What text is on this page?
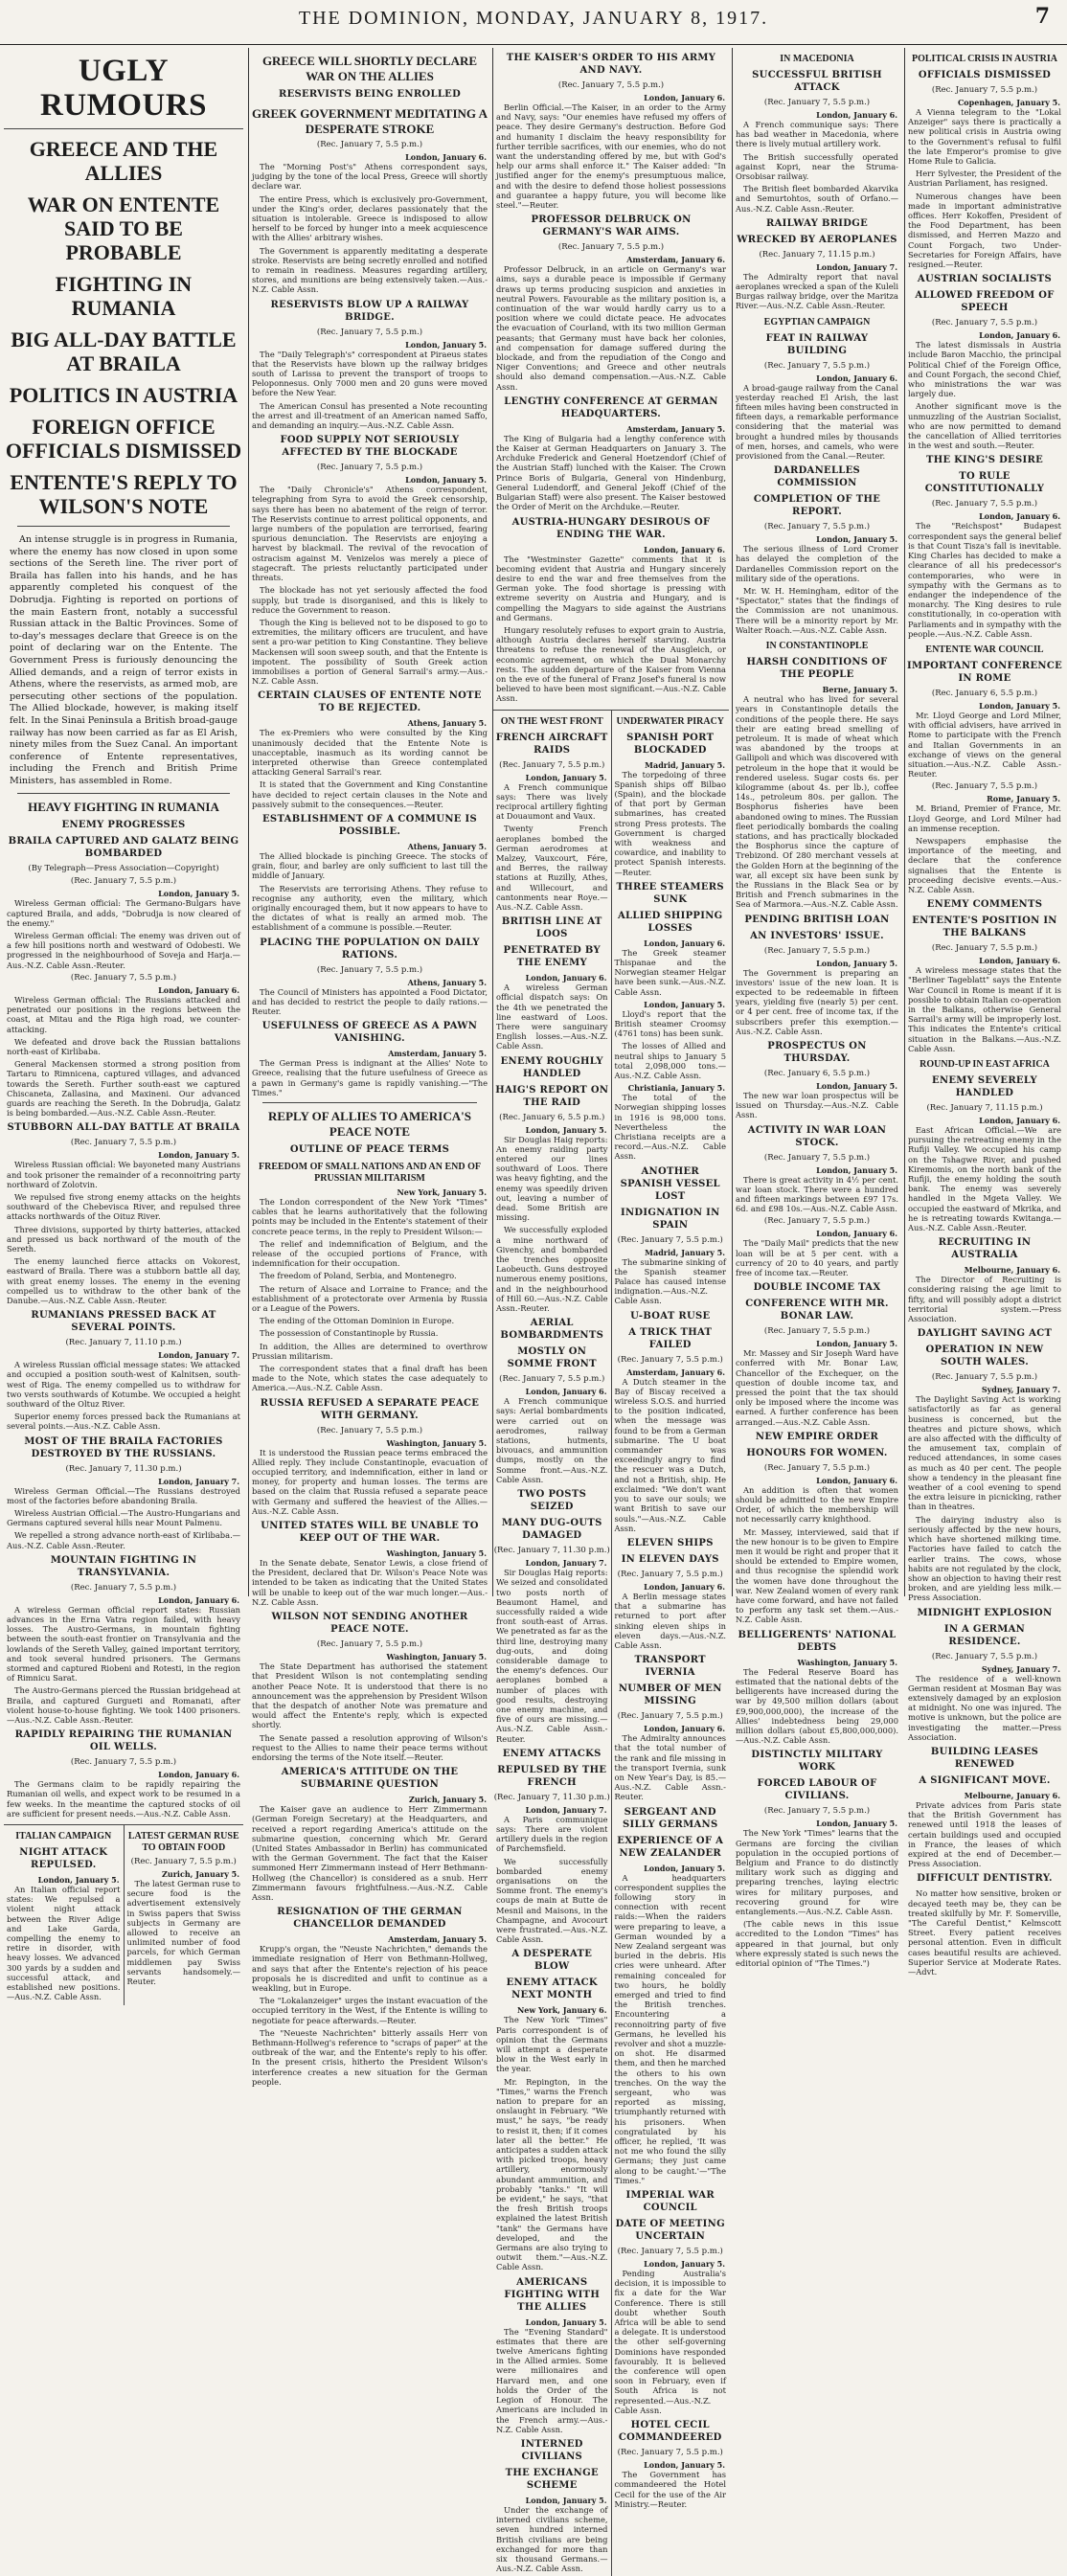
THE DOMINION, MONDAY, JANUARY 8, 1917.	7
UGLY RUMOURS
GREECE AND THE ALLIES
WAR ON ENTENTE SAID TO BE PROBABLE
FIGHTING IN RUMANIA
BIG ALL-DAY BATTLE AT BRAILA
POLITICS IN AUSTRIA
FOREIGN OFFICE OFFICIALS DISMISSED
ENTENTE'S REPLY TO WILSON'S NOTE

An intense struggle is in progress in Rumania, where the enemy has now closed in upon some sections of the Sereth line. The river port of Braila has fallen into his hands, and he has apparently completed his conquest of the Dobrudja. Fighting is reported on portions of the main Eastern front, notably a successful Russian attack in the Baltic Provinces. Some of to-day's messages declare that Greece is on the point of declaring war on the Entente. The Government Press is furiously denouncing the Allied demands, and a reign of terror exists in Athens, where the reservists, as armed mob, are persecuting other sections of the population. The Allied blockade, however, is making itself felt. In the Sinai Peninsula a British broad-gauge railway has now been carried as far as El Arish, ninety miles from the Suez Canal. An important conference of Entente representatives, including the French and British Prime Ministers, has assembled in Rome.

HEAVY FIGHTING IN RUMANIA
ENEMY PROGRESSES
BRAILA CAPTURED AND GALATZ BEING BOMBARDED
(By Telegraph—Press Association—Copyright)
(Rec. January 7, 5.5 p.m.)
London, January 5.

Wireless German official: The Germano-Bulgars have captured Braila, and adds, "Dobrudja is now cleared of the enemy."

Wireless German official: The enemy was driven out of a few hill positions north and westward of Odobesti. We progressed in the neighbourhood of Soveja and Harja.—Aus.-N.Z. Cable Assn.-Reuter.

(Rec. January 7, 5.5 p.m.)
London, January 6.

Wireless German official: The Russians attacked and penetrated our positions in the regions between the coast, at Mitau and the Riga high road, we counter-attacking.

We defeated and drove back the Russian battalions north-east of Kirlibaba.

General Mackensen stormed a strong position from Tartaru to Rimnicena, captured villages, and advanced towards the Sereth. Further south-east we captured Chiscaneta, Zallasina, and Maxineni. Our advanced guards are reaching the Sereth. In the Dobrudja, Galatz is being bombarded.—Aus.-N.Z. Cable Assn.-Reuter.

STUBBORN ALL-DAY BATTLE AT BRAILA
(Rec. January 7, 5.5 p.m.)
London, January 5.

Wireless Russian official: We bayoneted many Austrians and took prisoner the remainder of a reconnoitring party northward of Zolotvin.

We repulsed five strong enemy attacks on the heights southward of the Chebevisca River, and repulsed three attacks northwards of the Oituz River.

Three divisions, supported by thirty batteries, attacked and pressed us back northward of the mouth of the Sereth.

The enemy launched fierce attacks on Vokorest, eastward of Braila. There was a stubborn battle all day, with great enemy losses. The enemy in the evening compelled us to withdraw to the other bank of the Danube.—Aus.-N.Z. Cable Assn.-Reuter.

RUMANIANS PRESSED BACK AT SEVERAL POINTS.
(Rec. January 7, 11.10 p.m.)
London, January 7.

A wireless Russian official message states: We attacked and occupied a position south-west of Kalnitsen, south-west of Riga. The enemy compelled us to withdraw for two versts southwards of Kotumbe. We occupied a height southward of the Oltuz River.

Superior enemy forces pressed back the Rumanians at several points.—Aus.-N.Z. Cable Assn.

MOST OF THE BRAILA FACTORIES DESTROYED BY THE RUSSIANS.
(Rec. January 7, 11.30 p.m.)
London, January 7.

Wireless German Official.—The Russians destroyed most of the factories before abandoning Braila.

Wireless Austrian Official.—The Austro-Hungarians and Germans captured several hills near Mount Palmenu.

We repelled a strong advance north-east of Kirlibaba.—Aus.-N.Z. Cable Assn.-Reuter.

MOUNTAIN FIGHTING IN TRANSYLVANIA.
(Rec. January 7, 5.5 p.m.)
London, January 6.

A wireless German official report states: Russian advances in the Erna Vatra region failed, with heavy losses. The Austro-Germans, in mountain fighting between the south-east frontier on Transylvania and the lowlands of the Sereth Valley, gained important territory, and took several hundred prisoners. The Germans stormed and captured Riobeni and Rotesti, in the region of Rimnicu Sarat.

The Austro-Germans pierced the Russian bridgehead at Braila, and captured Gurgueti and Romanati, after violent house-to-house fighting. We took 1400 prisoners.—Aus.-N.Z. Cable Assn.-Reuter.

RAPIDLY REPAIRING THE RUMANIAN OIL WELLS.
(Rec. January 7, 5.5 p.m.)
London, January 6.

The Germans claim to be rapidly repairing the Rumanian oil wells, and expect work to be resumed in a few weeks. In the meantime the captured stocks of oil are sufficient for present needs.—Aus.-N.Z. Cable Assn.

ITALIAN CAMPAIGN
NIGHT ATTACK REPULSED.
London, January 5.

An Italian official report states: We repulsed a violent night attack between the River Adige and Lake Garda, compelling the enemy to retire in disorder, with heavy losses. We advanced 300 yards by a sudden and successful attack, and established new positions.—Aus.-N.Z. Cable Assn.

LATEST GERMAN RUSE TO OBTAIN FOOD
(Rec. January 7, 5.5 p.m.)
Zurich, January 5.

The latest German ruse to secure food is the advertisement extensively in Swiss papers that Swiss subjects in Germany are allowed to receive an unlimited number of food parcels, for which German middlemen pay Swiss servants handsomely.—Reuter.

GREECE WILL SHORTLY DECLARE WAR ON THE ALLIES
RESERVISTS BEING ENROLLED
GREEK GOVERNMENT MEDITATING A DESPERATE STROKE
(Rec. January 7, 5.5 p.m.)
London, January 6.

The "Morning Post's" Athens correspondent says, judging by the tone of the local Press, Greece will shortly declare war.

The entire Press, which is exclusively pro-Government, under the King's order, declares passionately that the situation is intolerable. Greece is indisposed to allow herself to be forced by hunger into a meek acquiescence with the Allies' arbitrary wishes.

The Government is apparently meditating a desperate stroke. Reservists are being secretly enrolled and notified to remain in readiness. Measures regarding artillery, stores, and munitions are being extensively taken.—Aus.-N.Z. Cable Assn.

RESERVISTS BLOW UP A RAILWAY BRIDGE.
(Rec. January 7, 5.5 p.m.)
London, January 5.

The "Daily Telegraph's" correspondent at Piraeus states that the Reservists have blown up the railway bridges south of Larissa to prevent the transport of troops to Peloponnesus. Only 7000 men and 20 guns were moved before the New Year.

The American Consul has presented a Note recounting the arrest and ill-treatment of an American named Saffo, and demanding an inquiry.—Aus.-N.Z. Cable Assn.

FOOD SUPPLY NOT SERIOUSLY AFFECTED BY THE BLOCKADE
(Rec. January 7, 5.5 p.m.)
London, January 5.

The "Daily Chronicle's" Athens correspondent, telegraphing from Syra to avoid the Greek censorship, says there has been no abatement of the reign of terror. The Reservists continue to arrest political opponents, and large numbers of the population are terrorised, fearing spurious denunciation. The Reservists are enjoying a harvest by blackmail. The revival of the revocation of ostracism against M. Venizelos was merely a piece of stagecraft. The priests reluctantly participated under threats.

The blockade has not yet seriously affected the food supply, but trade is disorganised, and this is likely to reduce the Government to reason.

Though the King is believed not to be disposed to go to extremities, the military officers are truculent, and have sent a pro-war petition to King Constantine. They believe Mackensen will soon sweep south, and that the Entente is impotent. The possibility of South Greek action immobilises a portion of General Sarrail's army.—Aus.-N.Z. Cable Assn.

CERTAIN CLAUSES OF ENTENTE NOTE TO BE REJECTED.
Athens, January 5.

The ex-Premiers who were consulted by the King unanimously decided that the Entente Note is unacceptable, inasmuch as its wording cannot be interpreted otherwise than Greece contemplated attacking General Sarrail's rear.

It is stated that the Government and King Constantine have decided to reject certain clauses in the Note and passively submit to the consequences.—Reuter.

ESTABLISHMENT OF A COMMUNE IS POSSIBLE.
Athens, January 5.

The Allied blockade is pinching Greece. The stocks of grain, flour, and barley are only sufficient to last till the middle of January.

The Reservists are terrorising Athens. They refuse to recognise any authority, even the military, which originally encouraged them, but it now appears to have to the dictates of what is really an armed mob. The establishment of a commune is possible.—Reuter.

PLACING THE POPULATION ON DAILY RATIONS.
(Rec. January 7, 5.5 p.m.)
Athens, January 5.

The Council of Ministers has appointed a Food Dictator, and has decided to restrict the people to daily rations.—Reuter.

USEFULNESS OF GREECE AS A PAWN VANISHING.
Amsterdam, January 5.

The German Press is indignant at the Allies' Note to Greece, realising that the future usefulness of Greece as a pawn in Germany's game is rapidly vanishing.—"The Times."

REPLY OF ALLIES TO AMERICA'S PEACE NOTE
OUTLINE OF PEACE TERMS
FREEDOM OF SMALL NATIONS AND AN END OF PRUSSIAN MILITARISM
New York, January 5.

The London correspondent of the New York "Times" cables that he learns authoritatively that the following points may be included in the Entente's statement of their concrete peace terms, in the reply to President Wilson:—

The relief and indemnification of Belgium, and the release of the occupied portions of France, with indemnification for their occupation.

The freedom of Poland, Serbia, and Montenegro.

The return of Alsace and Lorraine to France; and the establishment of a protectorate over Armenia by Russia or a League of the Powers.

The ending of the Ottoman Dominion in Europe.

The possession of Constantinople by Russia.

In addition, the Allies are determined to overthrow Prussian militarism.

The correspondent states that a final draft has been made to the Note, which states the case adequately to America.—Aus.-N.Z. Cable Assn.

RUSSIA REFUSED A SEPARATE PEACE WITH GERMANY.
(Rec. January 7, 5.5 p.m.)
Washington, January 5.

It is understood the Russian peace terms embraced the Allied reply. They include Constantinople, evacuation of occupied territory, and indemnification, either in land or money, for property and human losses. The terms are based on the claim that Russia refused a separate peace with Germany and suffered the heaviest of the Allies.—Aus.-N.Z. Cable Assn.

UNITED STATES WILL BE UNABLE TO KEEP OUT OF THE WAR.
Washington, January 5.

In the Senate debate, Senator Lewis, a close friend of the President, declared that Dr. Wilson's Peace Note was intended to be taken as indicating that the United States will be unable to keep out of the war much longer.—Aus.-N.Z. Cable Assn.

WILSON NOT SENDING ANOTHER PEACE NOTE.
(Rec. January 7, 5.5 p.m.)
Washington, January 5.

The State Department has authorised the statement that President Wilson is not contemplating sending another Peace Note. It is understood that there is no announcement was the apprehension by President Wilson that the despatch of another Note was premature and would affect the Entente's reply, which is expected shortly.

The Senate passed a resolution approving of Wilson's request to the Allies to name their peace terms without endorsing the terms of the Note itself.—Reuter.

AMERICA'S ATTITUDE ON THE SUBMARINE QUESTION
Zurich, January 5.

The Kaiser gave an audience to Herr Zimmermann (German Foreign Secretary) at the Headquarters, and received a report regarding America's attitude on the submarine question, concerning which Mr. Gerard (United States Ambassador in Berlin) has communicated with the German Government. The fact that the Kaiser summoned Herr Zimmermann instead of Herr Bethmann-Hollweg (the Chancellor) is considered as a snub. Herr Zimmermann favours frightfulness.—Aus.-N.Z. Cable Assn.

RESIGNATION OF THE GERMAN CHANCELLOR DEMANDED
Amsterdam, January 5.

Krupp's organ, the "Neuste Nachrichten," demands the immediate resignation of Herr von Bethmann-Hollweg, and says that after the Entente's rejection of his peace proposals he is discredited and unfit to continue as a weakling, but in Europe.

The "Lokalanzeiger" urges the instant evacuation of the occupied territory in the West, if the Entente is willing to negotiate for peace afterwards.—Reuter.

The "Neueste Nachrichten" bitterly assails Herr von Bethmann-Hollweg's reference to "scraps of paper" at the outbreak of the war, and the Entente's reply to his offer. In the present crisis, hitherto the President Wilson's interference creates a new situation for the German people.

THE KAISER'S ORDER TO HIS ARMY AND NAVY.
(Rec. January 7, 5.5 p.m.)
London, January 6.

Berlin Official.—The Kaiser, in an order to the Army and Navy, says: "Our enemies have refused my offers of peace. They desire Germany's destruction. Before God and humanity I disclaim the heavy responsibility for further terrible sacrifices, with our enemies, who do not want the understanding offered by me, but with God's help our arms shall enforce it." The Kaiser added: "In justified anger for the enemy's presumptuous malice, and with the desire to defend those holiest possessions and guarantee a happy future, you will become like steel."—Reuter.

PROFESSOR DELBRUCK ON GERMANY'S WAR AIMS.
(Rec. January 7, 5.5 p.m.)
Amsterdam, January 6.

Professor Delbruck, in an article on Germany's war aims, says a durable peace is impossible if Germany draws up terms producing suspicion and anxieties in neutral Powers. Favourable as the military position is, a continuation of the war would hardly carry us to a position where we could dictate peace. He advocates the evacuation of Courland, with its two million German peasants; that Germany must have back her colonies, and compensation for damage suffered during the blockade, and from the repudiation of the Congo and Niger Conventions; and Greece and other neutrals should also demand compensation.—Aus.-N.Z. Cable Assn.

LENGTHY CONFERENCE AT GERMAN HEADQUARTERS.
Amsterdam, January 5.

The King of Bulgaria had a lengthy conference with the Kaiser at German Headquarters on January 3. The Archduke Frederick and General Hoetzendorf (Chief of the Austrian Staff) lunched with the Kaiser. The Crown Prince Boris of Bulgaria, General von Hindenburg, General Ludendorff, and General Jekoff (Chief of the Bulgarian Staff) were also present. The Kaiser bestowed the Order of Merit on the Archduke.—Reuter.

AUSTRIA-HUNGARY DESIROUS OF ENDING THE WAR.
London, January 6.

The "Westminster Gazette" comments that it is becoming evident that Austria and Hungary sincerely desire to end the war and free themselves from the German yoke. The food shortage is pressing with extreme severity on Austria and Hungary, and is compelling the Magyars to side against the Austrians and Germans.

Hungary resolutely refuses to export grain to Austria, although Austria declares herself starving. Austria threatens to refuse the renewal of the Ausgleich, or economic agreement, on which the Dual Monarchy rests. The sudden departure of the Kaiser from Vienna on the eve of the funeral of Franz Josef's funeral is now believed to have been most significant.—Aus.-N.Z. Cable Assn.

ON THE WEST FRONT
FRENCH AIRCRAFT RAIDS
(Rec. January 7, 5.5 p.m.)
London, January 5.

A French communique says: There was lively reciprocal artillery fighting at Douaumont and Vaux.

Twenty French aeroplanes bombed the German aerodromes at Malzey, Vauxcourt, Fére, and Berres, the railway stations at Ruzilly, Athes, and Willecourt, and cantonments near Roye.—Aus.-N.Z. Cable Assn.

BRITISH LINE AT LOOS
PENETRATED BY THE ENEMY
London, January 6.

A wireless German official dispatch says: On the 4th we penetrated the line eastward of Loos. There were sanguinary English losses.—Aus.-N.Z. Cable Assn.

ENEMY ROUGHLY HANDLED
HAIG'S REPORT ON THE RAID
(Rec. January 6, 5.5 p.m.)
London, January 5.

Sir Douglas Haig reports: An enemy raiding party entered our lines southward of Loos. There was heavy fighting, and the enemy was speedily driven out, leaving a number of dead. Some British are missing.

We successfully exploded a mine northward of Givenchy, and bombarded the trenches opposite Laobeucth. Guns destroyed numerous enemy positions, and in the neighbourhood of Hill 60.—Aus.-N.Z. Cable Assn.-Reuter.

AERIAL BOMBARDMENTS
MOSTLY ON SOMME FRONT
(Rec. January 7, 5.5 p.m.)
London, January 6.

A French communique says: Aerial bombardments were carried out on aerodromes, railway stations, hutments, bivouacs, and ammunition dumps, mostly on the Somme front.—Aus.-N.Z. Cable Assn.

TWO POSTS SEIZED
MANY DUG-OUTS DAMAGED
(Rec. January 7, 11.30 p.m.)
London, January 7.

Sir Douglas Haig reports: We seized and consolidated two posts north of Beaumont Hamel, and successfully raided a wide front south-east of Arras. We penetrated as far as the third line, destroying many dug-outs, and doing considerable damage to the enemy's defences. Our aeroplanes bombed a number of places with good results, destroying one enemy machine, and five of ours are missing.—Aus.-N.Z. Cable Assn.-Reuter.

ENEMY ATTACKS
REPULSED BY THE FRENCH
(Rec. January 7, 11.30 p.m.)
London, January 7.

A Paris communique says: There are violent artillery duels in the region of Parchemsfield.

We successfully bombarded enemy organisations on the Somme front. The enemy's coups de main at Butte de Mesnil and Maisons, in the Champagne, and Avocourt were frustrated.—Aus.-N.Z. Cable Assn.

A DESPERATE BLOW
ENEMY ATTACK NEXT MONTH
New York, January 6.

The New York "Times" Paris correspondent is of opinion that the Germans will attempt a desperate blow in the West early in the year.

Mr. Repington, in the "Times," warns the French nation to prepare for an onslaught in February. "We must," he says, "be ready to resist it, then; if it comes later all the better." He anticipates a sudden attack with picked troops, heavy artillery, enormously abundant ammunition, and probably "tanks." "It will be evident," he says, "that the fresh British troops explained the latest British "tank" the Germans have developed, and the Germans are also trying to outwit them."—Aus.-N.Z. Cable Assn.

AMERICANS FIGHTING WITH THE ALLIES
London, January 5.

The "Evening Standard" estimates that there are twelve Americans fighting in the Allied armies. Some were millionaires and Harvard men, and one holds the Order of the Legion of Honour. The Americans are included in the French army.—Aus.-N.Z. Cable Assn.

INTERNED CIVILIANS
THE EXCHANGE SCHEME
London, January 5.

Under the exchange of interned civilians scheme, seven hundred interned British civilians are being exchanged for more than six thousand Germans.—Aus.-N.Z. Cable Assn.

UNDERWATER PIRACY
SPANISH PORT BLOCKADED
Madrid, January 5.

The torpedoing of three Spanish ships off Bilbao (Spain), and the blockade of that port by German submarines, has created strong Press protests. The Government is charged with weakness and cowardice, and inability to protect Spanish interests.—Reuter.

THREE STEAMERS SUNK
ALLIED SHIPPING LOSSES
London, January 6.

The Greek steamer Thispanae and the Norwegian steamer Helgar have been sunk.—Aus.-N.Z. Cable Assn.

London, January 5.

Lloyd's report that the British steamer Croomsy (4761 tons) has been sunk.

The losses of Allied and neutral ships to January 5 total 2,098,000 tons.—Aus.-N.Z. Cable Assn.

Christiania, January 5.

The total of the Norwegian shipping losses in 1916 is 98,000 tons. Nevertheless the Christiana receipts are a record.—Aus.-N.Z. Cable Assn.

ANOTHER SPANISH VESSEL LOST
INDIGNATION IN SPAIN
(Rec. January 7, 5.5 p.m.)
Madrid, January 5.

The submarine sinking of the Spanish steamer Palace has caused intense indignation.—Aus.-N.Z. Cable Assn.

U-BOAT RUSE
A TRICK THAT FAILED
(Rec. January 7, 5.5 p.m.)
Amsterdam, January 6.

A Dutch steamer in the Bay of Biscay received a wireless S.O.S. and hurried to the position indicated, when the message was found to be from a German submarine. The U boat commander was exceedingly angry to find the rescuer was a Dutch, and not a British, ship. He exclaimed: "We don't want you to save our souls; we want British to save our souls."—Aus.-N.Z. Cable Assn.

ELEVEN SHIPS
IN ELEVEN DAYS
(Rec. January 7, 5.5 p.m.)
London, January 6.

A Berlin message states that a submarine has returned to port after sinking eleven ships in eleven days.—Aus.-N.Z. Cable Assn.

TRANSPORT IVERNIA
NUMBER OF MEN MISSING
(Rec. January 7, 5.5 p.m.)
London, January 6.

The Admiralty announces that the total number of the rank and file missing in the transport Ivernia, sunk on New Year's Day, is 85.—Aus.-N.Z. Cable Assn.-Reuter.

SERGEANT AND SILLY GERMANS
EXPERIENCE OF A NEW ZEALANDER
London, January 5.

A headquarters correspondent supplies the following story in connection with recent raids:—When the raiders were preparing to leave, a German wounded by a New Zealand sergeant was buried in the debris. His cries were unheard. After remaining concealed for two hours, he boldly emerged and tried to find the British trenches. Encountering a reconnoitring party of five Germans, he levelled his revolver and shot a muzzle-on shot. He disarmed them, and then he marched the others to his own trenches. On the way the sergeant, who was reported as missing, triumphantly returned with his prisoners. When congratulated by his officer, he replied, 'It was not me who found the silly Germans; they just came along to be caught.'—"The Times."

IMPERIAL WAR COUNCIL
DATE OF MEETING UNCERTAIN
(Rec. January 7, 5.5 p.m.)
London, January 5.

Pending Australia's decision, it is impossible to fix a date for the War Conference. There is still doubt whether South Africa will be able to send a delegate. It is understood the other self-governing Dominions have responded favourably. It is believed the conference will open soon in February, even if South Africa is not represented.—Aus.-N.Z. Cable Assn.

HOTEL CECIL COMMANDEERED
(Rec. January 7, 5.5 p.m.)
London, January 5.

The Government has commandeered the Hotel Cecil for the use of the Air Ministry.—Reuter.

IN MACEDONIA
SUCCESSFUL BRITISH ATTACK
(Rec. January 7, 5.5 p.m.)
London, January 6.

A French communique says: There has bad weather in Macedonia, where there is lively mutual artillery work.

The British successfully operated against Kopri, near the Struma-Orsobisar railway.

The British fleet bombarded Akarvika and Semurtohtos, south of Orfano.—Aus.-N.Z. Cable Assn.-Reuter.

RAILWAY BRIDGE
WRECKED BY AEROPLANES
(Rec. January 7, 11.15 p.m.)
London, January 7.

The Admiralty report that naval aeroplanes wrecked a span of the Kuleli Burgas railway bridge, over the Maritza River.—Aus.-N.Z. Cable Assn.-Reuter.

EGYPTIAN CAMPAIGN
FEAT IN RAILWAY BUILDING
(Rec. January 7, 5.5 p.m.)
London, January 6.

A broad-gauge railway from the Canal yesterday reached El Arish, the last fifteen miles having been constructed in fifteen days, a remarkable performance considering that the material was brought a hundred miles by thousands of men, horses, and camels, who were provisioned from the Canal.—Reuter.

DARDANELLES COMMISSION
COMPLETION OF THE REPORT.
(Rec. January 7, 5.5 p.m.)
London, January 5.

The serious illness of Lord Cromer has delayed the completion of the Dardanelles Commission report on the military side of the operations.

Mr. W. H. Hemingham, editor of the "Spectator," states that the findings of the Commission are not unanimous. There will be a minority report by Mr. Walter Roach.—Aus.-N.Z. Cable Assn.

IN CONSTANTINOPLE
HARSH CONDITIONS OF THE PEOPLE
Berne, January 5.

A neutral who has lived for several years in Constantinople details the conditions of the people there. He says their are eating bread smelling of petroleum. It is made of wheat which was abandoned by the troops at Gallipoli and which was discovered with petroleum in the hope that it would be rendered useless. Sugar costs 6s. per kilogramme (about 4s. per lb.), coffee 14s., petroleum 80s. per gallon. The Bosphorus fisheries have been abandoned owing to mines. The Russian fleet periodically bombards the coaling stations, and has practically blockaded the Bosphorus since the capture of Trebizond. Of 280 merchant vessels at the Golden Horn at the beginning of the war, all except six have been sunk by the Russians in the Black Sea or by British and French submarines in the Sea of Marmora.—Aus.-N.Z. Cable Assn.

PENDING BRITISH LOAN
AN INVESTORS' ISSUE.
(Rec. January 7, 5.5 p.m.)
London, January 5.

The Government is preparing an investors' issue of the new loan. It is expected to be redeemable in fifteen years, yielding five (nearly 5) per cent. or 4 per cent. free of income tax, if the subscribers prefer this exemption.—Aus.-N.Z. Cable Assn.

PROSPECTUS ON THURSDAY.
(Rec. January 6, 5.5 p.m.)
London, January 5.

The new war loan prospectus will be issued on Thursday.—Aus.-N.Z. Cable Assn.

ACTIVITY IN WAR LOAN STOCK.
(Rec. January 7, 5.5 p.m.)
London, January 5.

There is great activity in 4½ per cent. war loan stock. There were a hundred and fifteen markings between £97 17s. 6d. and £98 10s.—Aus.-N.Z. Cable Assn.

(Rec. January 7, 5.5 p.m.)
London, January 6.

The "Daily Mail" predicts that the new loan will be at 5 per cent. with a currency of 20 to 40 years, and partly free of income tax.—Reuter.

DOUBLE INCOME TAX
CONFERENCE WITH MR. BONAR LAW.
(Rec. January 7, 5.5 p.m.)
London, January 5.

Mr. Massey and Sir Joseph Ward have conferred with Mr. Bonar Law, Chancellor of the Exchequer, on the question of double income tax, and pressed the point that the tax should only be imposed where the income was earned. A further conference has been arranged.—Aus.-N.Z. Cable Assn.

NEW EMPIRE ORDER
HONOURS FOR WOMEN.
(Rec. January 7, 5.5 p.m.)
London, January 6.

An addition is often that women should be admitted to the new Empire Order, of which the membership will not necessarily carry knighthood.

Mr. Massey, interviewed, said that if the new honour is to be given to Empire men it would be right and proper that it should be extended to Empire women, and thus recognise the splendid work the women have done throughout the war. New Zealand women of every rank have come forward, and have not failed to perform any task set them.—Aus.-N.Z. Cable Assn.

BELLIGERENTS' NATIONAL DEBTS
Washington, January 5.

The Federal Reserve Board has estimated that the national debts of the belligerents have increased during the war by 49,500 million dollars (about £9,900,000,000), the increase of the Allies' indebtedness being 29,000 million dollars (about £5,800,000,000).—Aus.-N.Z. Cable Assn.

DISTINCTLY MILITARY WORK
FORCED LABOUR OF CIVILIANS.
(Rec. January 7, 5.5 p.m.)
London, January 5.

The New York "Times" learns that the Germans are forcing the civilian population in the occupied portions of Belgium and France to do distinctly military work such as digging and preparing trenches, laying electric wires for military purposes, and recovering ground for wire entanglements.—Aus.-N.Z. Cable Assn.

(The cable news in this issue accredited to the London "Times" has appeared in that journal, but only where expressly stated is such news the editorial opinion of "The Times.")

POLITICAL CRISIS IN AUSTRIA
OFFICIALS DISMISSED
(Rec. January 7, 5.5 p.m.)
Copenhagen, January 5.

A Vienna telegram to the "Lokal Anzeiger" says there is practically a new political crisis in Austria owing to the Government's refusal to fulfil the late Emperor's promise to give Home Rule to Galicia.

Herr Sylvester, the President of the Austrian Parliament, has resigned.

Numerous changes have been made in important administrative offices. Herr Kokoffen, President of the Food Department, has been dismissed, and Herren Mazzo and Count Forgach, two Under-Secretaries for Foreign Affairs, have resigned.—Reuter.

AUSTRIAN SOCIALISTS
ALLOWED FREEDOM OF SPEECH
(Rec. January 7, 5.5 p.m.)
London, January 6.

The latest dismissals in Austria include Baron Macchio, the principal Political Chief of the Foreign Office, and Count Forgach, the second Chief, who ministrations the war was largely due.

Another significant move is the unmuzzling of the Austrian Socialist, who are now permitted to demand the cancellation of Allied territories in the west and south.—Reuter.

THE KING'S DESIRE
TO RULE CONSTITUTIONALLY
(Rec. January 7, 5.5 p.m.)
London, January 6.

The "Reichspost" Budapest correspondent says the general belief is that Count Tisza's fall is inevitable. King Charles has decided to make a clearance of all his predecessor's contemporaries, who were in sympathy with the Germans as to endanger the independence of the monarchy. The King desires to rule constitutionally, in co-operation with Parliaments and in sympathy with the people.—Aus.-N.Z. Cable Assn.

ENTENTE WAR COUNCIL
IMPORTANT CONFERENCE IN ROME
(Rec. January 6, 5.5 p.m.)
London, January 5.

Mr. Lloyd George and Lord Milner, with official advisers, have arrived in Rome to participate with the French and Italian Governments in an exchange of views on the general situation.—Aus.-N.Z. Cable Assn.-Reuter.

(Rec. January 7, 5.5 p.m.)
Rome, January 5.

M. Briand, Premier of France, Mr. Lloyd George, and Lord Milner had an immense reception.

Newspapers emphasise the importance of the meeting, and declare that the conference signalises that the Entente is proceeding decisive events.—Aus.-N.Z. Cable Assn.

ENEMY COMMENTS
ENTENTE'S POSITION IN THE BALKANS
(Rec. January 7, 5.5 p.m.)
London, January 6.

A wireless message states that the "Berliner Tageblatt" says the Entente War Council in Rome is meant if it is possible to obtain Italian co-operation in the Balkans, otherwise General Sarrail's army will be improperly lost. This indicates the Entente's critical situation in the Balkans.—Aus.-N.Z. Cable Assn.

ROUND-UP IN EAST AFRICA
ENEMY SEVERELY HANDLED
(Rec. January 7, 11.15 p.m.)
London, January 6.

East African Official.—We are pursuing the retreating enemy in the Rufiji Valley. We occupied his camp on the Tshagwe River, and pushed Kiremomis, on the north bank of the Rufiji, the enemy holding the south bank. The enemy was severely handled in the Mgeta Valley. We occupied the eastward of Mkrika, and he is retreating towards Kwitanga.—Aus.-N.Z. Cable Assn.-Reuter.

RECRUITING IN AUSTRALIA
Melbourne, January 6.

The Director of Recruiting is considering raising the age limit to fifty, and will possibly adopt a district territorial system.—Press Association.

DAYLIGHT SAVING ACT
OPERATION IN NEW SOUTH WALES.
(Rec. January 7, 5.5 p.m.)
Sydney, January 7.

The Daylight Saving Act is working satisfactorily as far as general business is concerned, but the theatres and picture shows, which are also affected with the difficulty of the amusement tax, complain of reduced attendances, in some cases as much as 40 per cent. The people show a tendency in the pleasant fine weather of a cool evening to spend the extra leisure in picnicking, rather than in theatres.

The dairying industry also is seriously affected by the new hours, which have shortened milking time. Factories have failed to catch the earlier trains. The cows, whose habits are not regulated by the clock, show an objection to having their rest broken, and are yielding less milk.—Press Association.

MIDNIGHT EXPLOSION
IN A GERMAN RESIDENCE.
(Rec. January 7, 5.5 p.m.)
Sydney, January 7.

The residence of a well-known German resident at Mosman Bay was extensively damaged by an explosion at midnight. No one was injured. The motive is unknown, but the police are investigating the matter.—Press Association.

BUILDING LEASES RENEWED
A SIGNIFICANT MOVE.
Melbourne, January 6.

Private advices from Paris state that the British Government has renewed until 1918 the leases of certain buildings used and occupied in France, the leases of which expired at the end of December.—Press Association.

DIFFICULT DENTISTRY.

No matter how sensitive, broken or decayed teeth may be, they can be treated skilfully by Mr. F. Somerville, "The Careful Dentist," Kelmscott Street. Every patient receives personal attention. Even in difficult cases beautiful results are achieved. Superior Service at Moderate Rates.—Advt.
